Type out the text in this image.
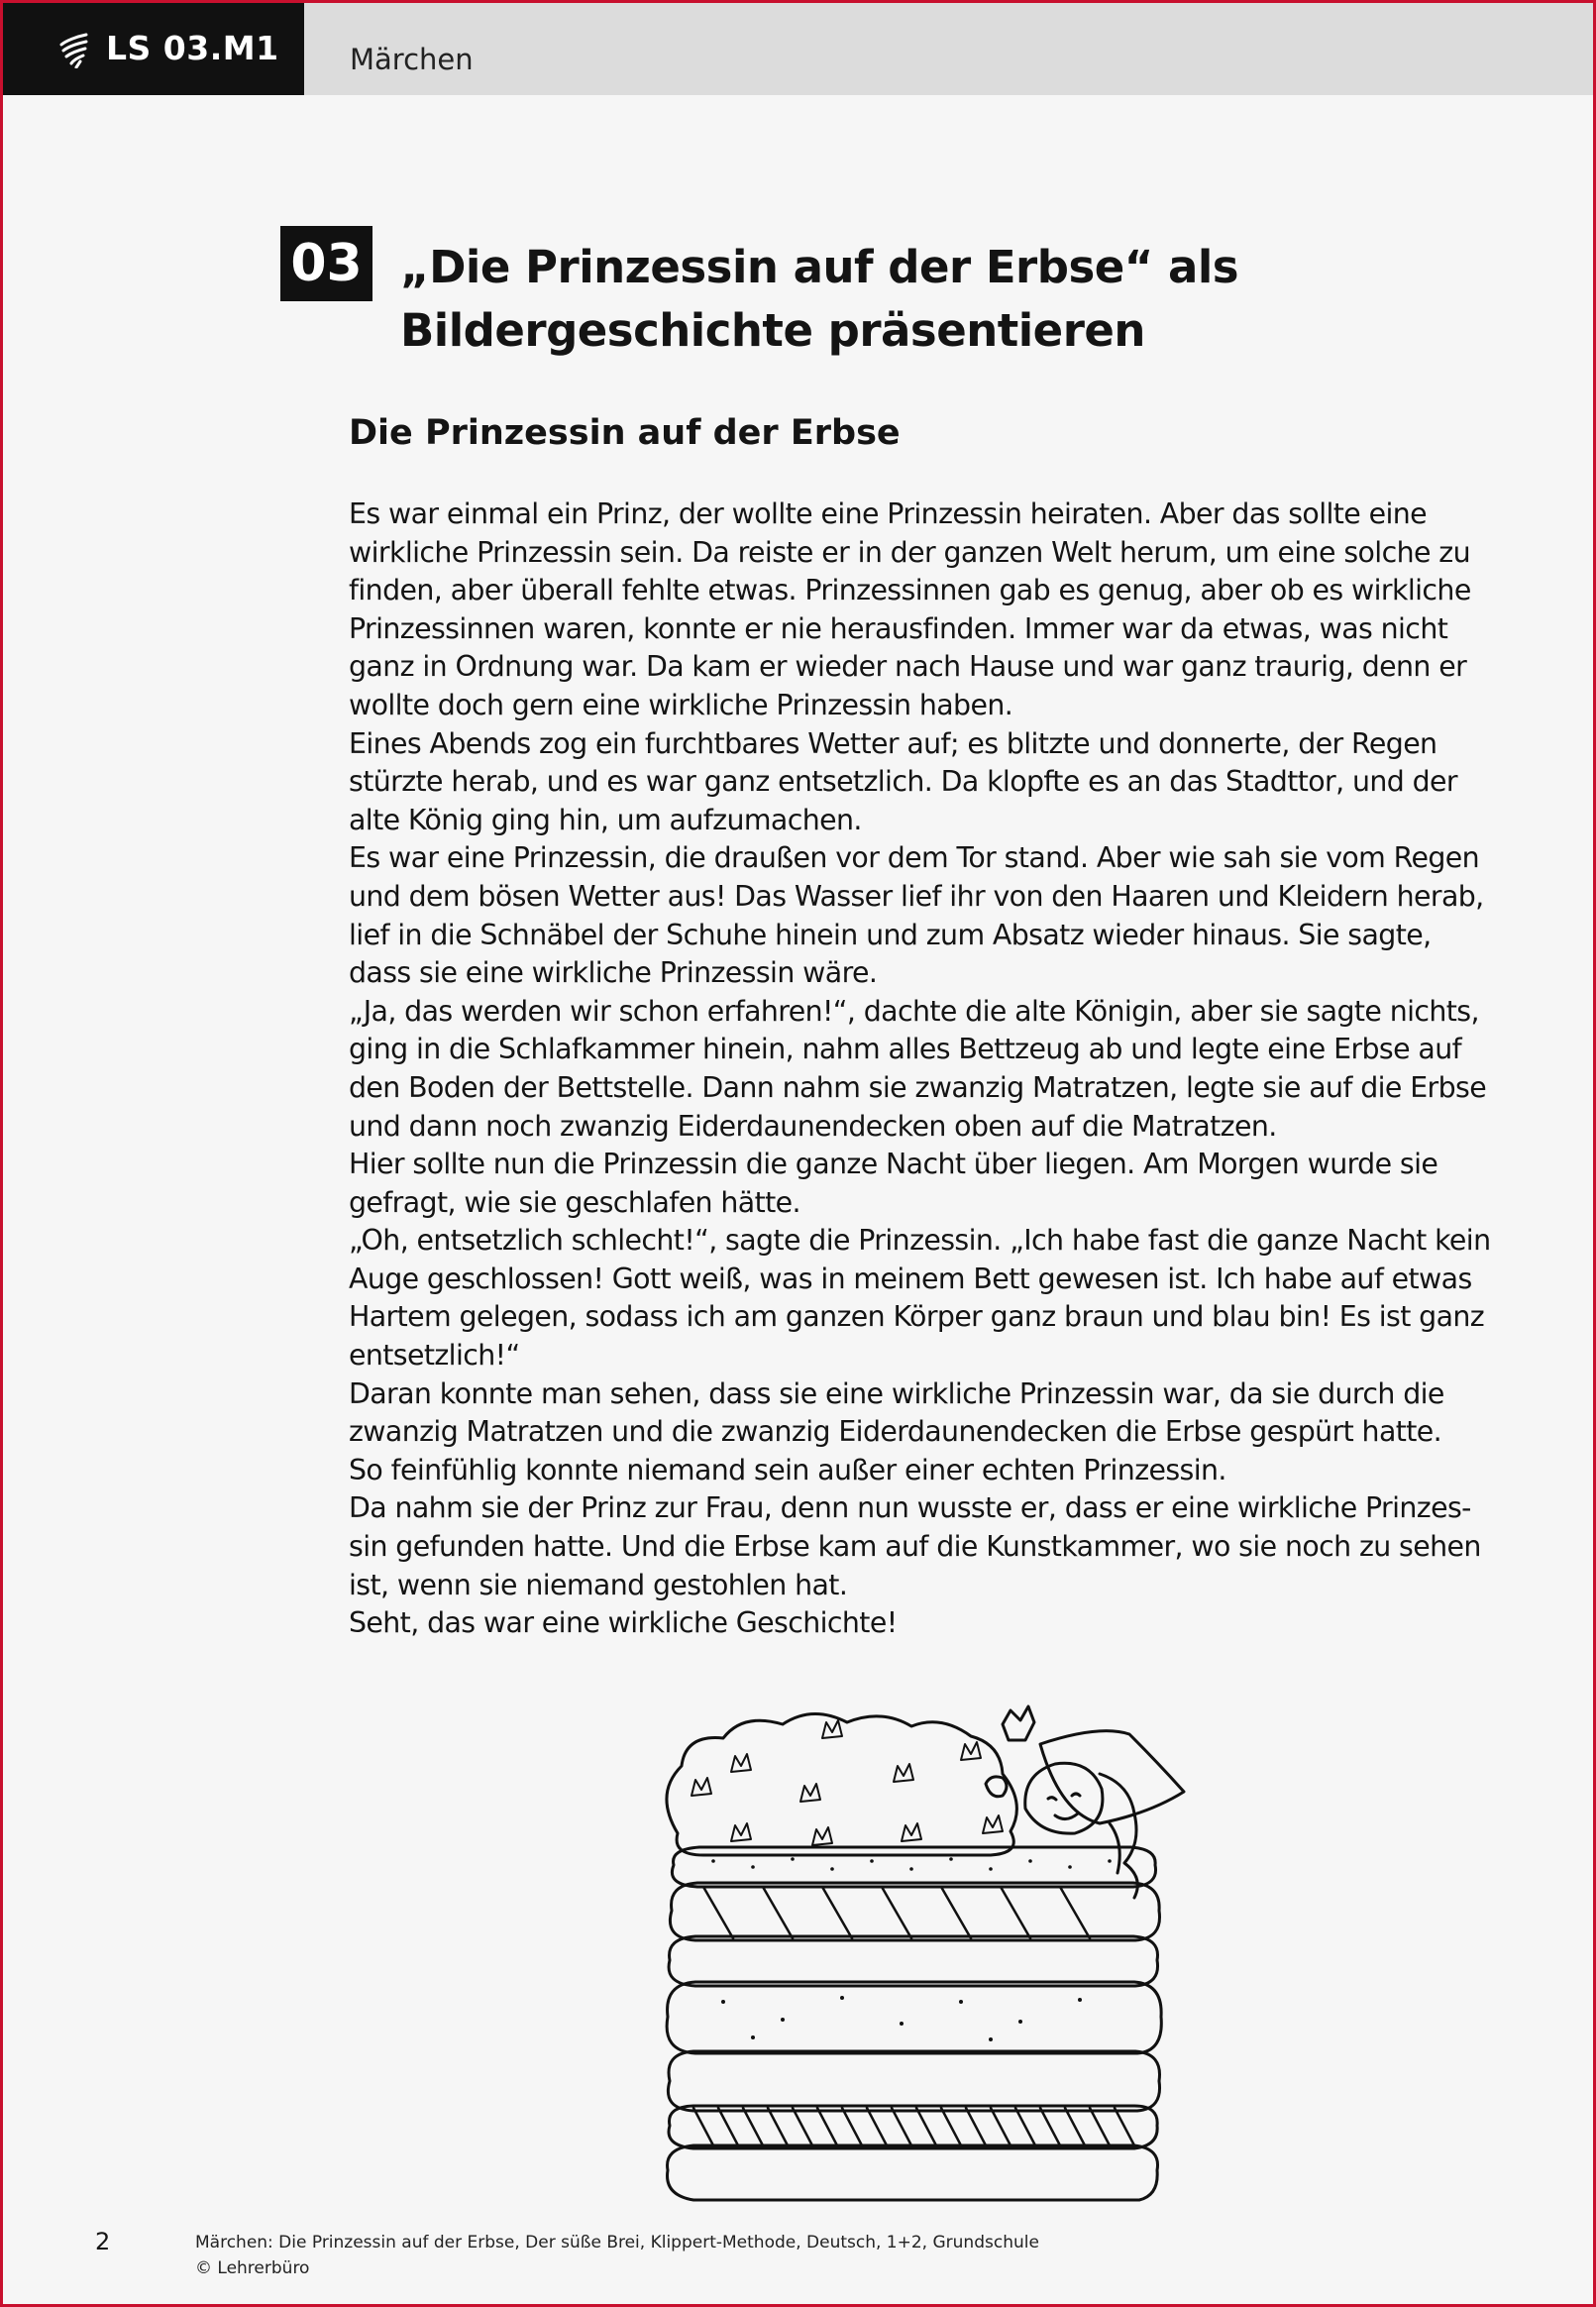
LS 03.M1 Märchen
03 „Die Prinzessin auf der Erbse“ als
Bildergeschichte präsentieren
Die Prinzessin auf der Erbse
Es war einmal ein Prinz, der wollte eine Prinzessin heiraten. Aber das sollte eine
wirkliche Prinzessin sein. Da reiste er in der ganzen Welt herum, um eine solche zu
finden, aber überall fehlte etwas. Prinzessinnen gab es genug, aber ob es wirkliche
Prinzessinnen waren, konnte er nie herausfinden. Immer war da etwas, was nicht
ganz in Ordnung war. Da kam er wieder nach Hause und war ganz traurig, denn er
wollte doch gern eine wirkliche Prinzessin haben.
Eines Abends zog ein furchtbares Wetter auf; es blitzte und donnerte, der Regen
stürzte herab, und es war ganz entsetzlich. Da klopfte es an das Stadttor, und der
alte König ging hin, um aufzumachen.
Es war eine Prinzessin, die draußen vor dem Tor stand. Aber wie sah sie vom Regen
und dem bösen Wetter aus! Das Wasser lief ihr von den Haaren und Kleidern herab,
lief in die Schnäbel der Schuhe hinein und zum Absatz wieder hinaus. Sie sagte,
dass sie eine wirkliche Prinzessin wäre.
„Ja, das werden wir schon erfahren!“, dachte die alte Königin, aber sie sagte nichts,
ging in die Schlafkammer hinein, nahm alles Bettzeug ab und legte eine Erbse auf
den Boden der Bettstelle. Dann nahm sie zwanzig Matratzen, legte sie auf die Erbse
und dann noch zwanzig Eiderdaunendecken oben auf die Matratzen.
Hier sollte nun die Prinzessin die ganze Nacht über liegen. Am Morgen wurde sie
gefragt, wie sie geschlafen hätte.
„Oh, entsetzlich schlecht!“, sagte die Prinzessin. „Ich habe fast die ganze Nacht kein
Auge geschlossen! Gott weiß, was in meinem Bett gewesen ist. Ich habe auf etwas
Hartem gelegen, sodass ich am ganzen Körper ganz braun und blau bin! Es ist ganz
entsetzlich!“
Daran konnte man sehen, dass sie eine wirkliche Prinzessin war, da sie durch die
zwanzig Matratzen und die zwanzig Eiderdaunendecken die Erbse gespürt hatte.
So feinfühlig konnte niemand sein außer einer echten Prinzessin.
Da nahm sie der Prinz zur Frau, denn nun wusste er, dass er eine wirkliche Prinzes-
sin gefunden hatte. Und die Erbse kam auf die Kunstkammer, wo sie noch zu sehen
ist, wenn sie niemand gestohlen hat.
Seht, das war eine wirkliche Geschichte!
2	Märchen: Die Prinzessin auf der Erbse, Der süße Brei, Klippert-Methode, Deutsch, 1+2, Grundschule
© Lehrerbüro
